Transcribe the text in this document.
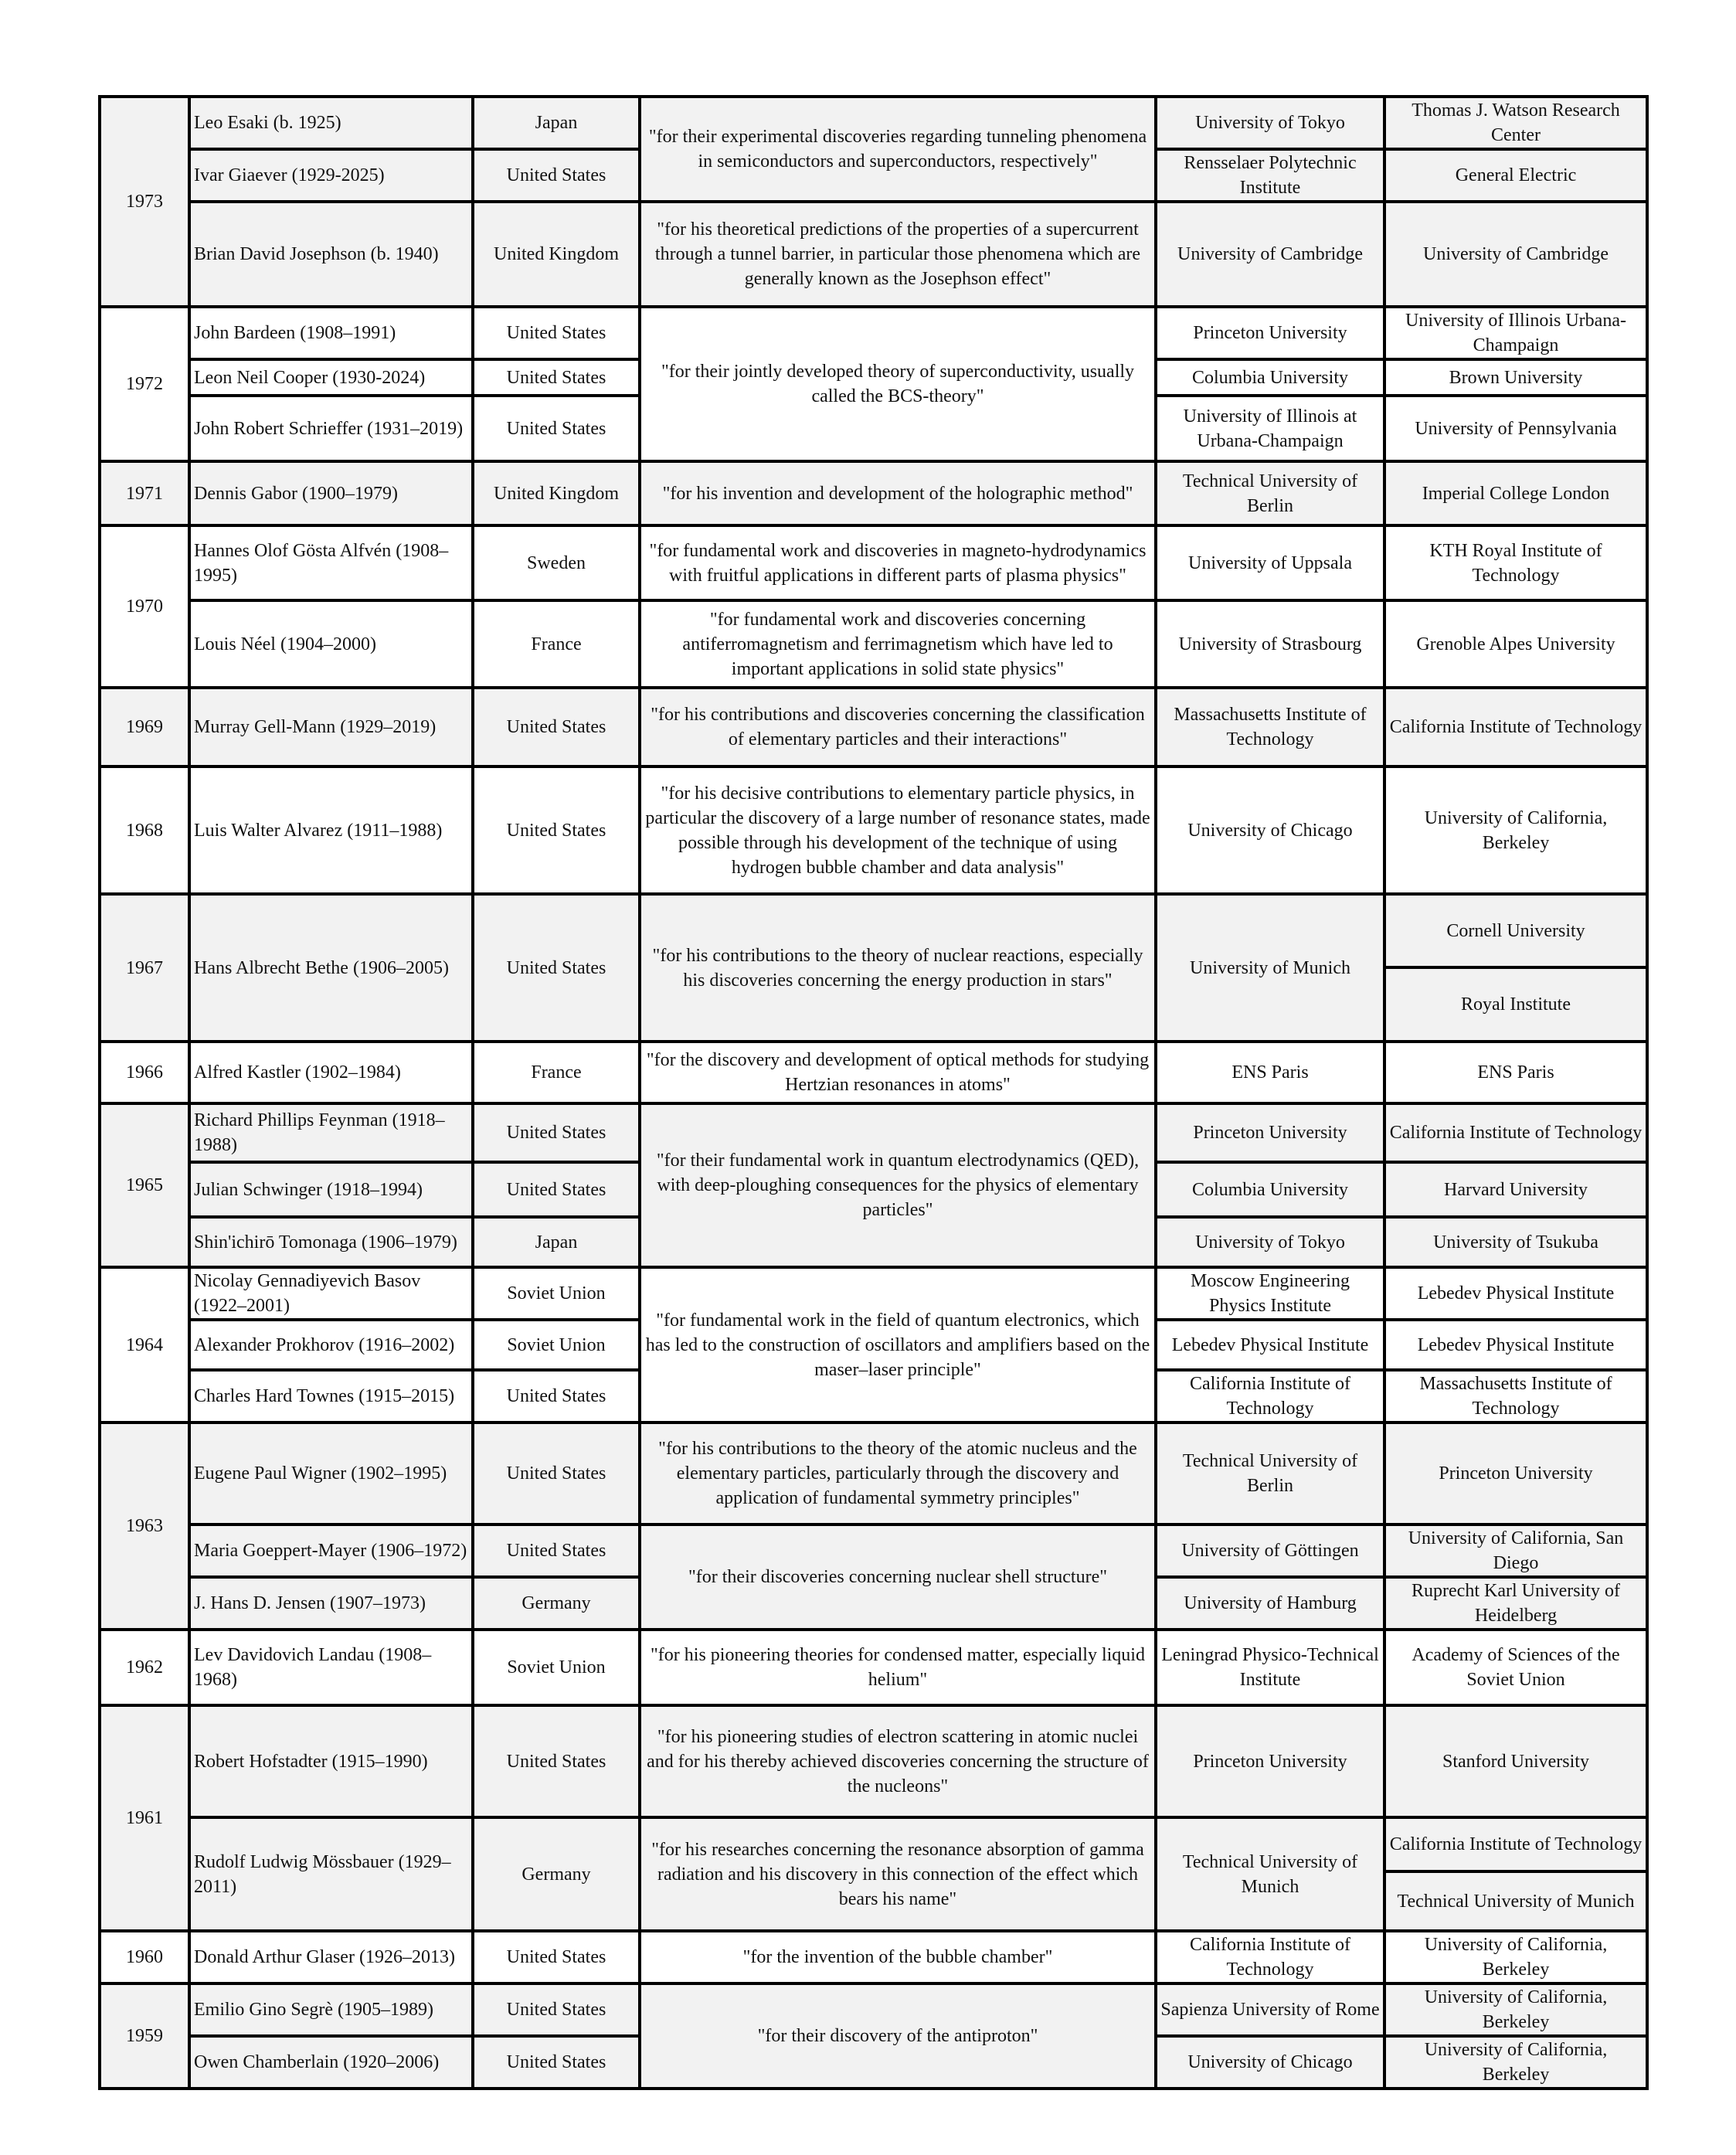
1973	Leo Esaki (b. 1925)	Japan	"for their experimental discoveries regarding tunneling phenomena in semiconductors and superconductors, respectively"	University of Tokyo	Thomas J. Watson Research Center
	Ivar Giaever (1929-2025)	United States		Rensselaer Polytechnic Institute	General Electric
	Brian David Josephson (b. 1940)	United Kingdom	"for his theoretical predictions of the properties of a supercurrent through a tunnel barrier, in particular those phenomena which are generally known as the Josephson effect"	University of Cambridge	University of Cambridge
1972	John Bardeen (1908–1991)	United States	"for their jointly developed theory of superconductivity, usually called the BCS-theory"	Princeton University	University of Illinois Urbana-Champaign
	Leon Neil Cooper (1930-2024)	United States		Columbia University	Brown University
	John Robert Schrieffer (1931–2019)	United States		University of Illinois at Urbana-Champaign	University of Pennsylvania
1971	Dennis Gabor (1900–1979)	United Kingdom	"for his invention and development of the holographic method"	Technical University of Berlin	Imperial College London
1970	Hannes Olof Gösta Alfvén (1908–1995)	Sweden	"for fundamental work and discoveries in magneto-hydrodynamics with fruitful applications in different parts of plasma physics"	University of Uppsala	KTH Royal Institute of Technology
	Louis Néel (1904–2000)	France	"for fundamental work and discoveries concerning antiferromagnetism and ferrimagnetism which have led to important applications in solid state physics"	University of Strasbourg	Grenoble Alpes University
1969	Murray Gell-Mann (1929–2019)	United States	"for his contributions and discoveries concerning the classification of elementary particles and their interactions"	Massachusetts Institute of Technology	California Institute of Technology
1968	Luis Walter Alvarez (1911–1988)	United States	"for his decisive contributions to elementary particle physics, in particular the discovery of a large number of resonance states, made possible through his development of the technique of using hydrogen bubble chamber and data analysis"	University of Chicago	University of California, Berkeley
1967	Hans Albrecht Bethe (1906–2005)	United States	"for his contributions to the theory of nuclear reactions, especially his discoveries concerning the energy production in stars"	University of Munich	Cornell University
					Royal Institute
1966	Alfred Kastler (1902–1984)	France	"for the discovery and development of optical methods for studying Hertzian resonances in atoms"	ENS Paris	ENS Paris
1965	Richard Phillips Feynman (1918–1988)	United States	"for their fundamental work in quantum electrodynamics (QED), with deep-ploughing consequences for the physics of elementary particles"	Princeton University	California Institute of Technology
	Julian Schwinger (1918–1994)	United States		Columbia University	Harvard University
	Shin'ichirō Tomonaga (1906–1979)	Japan		University of Tokyo	University of Tsukuba
1964	Nicolay Gennadiyevich Basov (1922–2001)	Soviet Union	"for fundamental work in the field of quantum electronics, which has led to the construction of oscillators and amplifiers based on the maser–laser principle"	Moscow Engineering Physics Institute	Lebedev Physical Institute
	Alexander Prokhorov (1916–2002)	Soviet Union		Lebedev Physical Institute	Lebedev Physical Institute
	Charles Hard Townes (1915–2015)	United States		California Institute of Technology	Massachusetts Institute of Technology
1963	Eugene Paul Wigner (1902–1995)	United States	"for his contributions to the theory of the atomic nucleus and the elementary particles, particularly through the discovery and application of fundamental symmetry principles"	Technical University of Berlin	Princeton University
	Maria Goeppert-Mayer (1906–1972)	United States	"for their discoveries concerning nuclear shell structure"	University of Göttingen	University of California, San Diego
	J. Hans D. Jensen (1907–1973)	Germany		University of Hamburg	Ruprecht Karl University of Heidelberg
1962	Lev Davidovich Landau (1908–1968)	Soviet Union	"for his pioneering theories for condensed matter, especially liquid helium"	Leningrad Physico-Technical Institute	Academy of Sciences of the Soviet Union
1961	Robert Hofstadter (1915–1990)	United States	"for his pioneering studies of electron scattering in atomic nuclei and for his thereby achieved discoveries concerning the structure of the nucleons"	Princeton University	Stanford University
	Rudolf Ludwig Mössbauer (1929–2011)	Germany	"for his researches concerning the resonance absorption of gamma radiation and his discovery in this connection of the effect which bears his name"	Technical University of Munich	California Institute of Technology
					Technical University of Munich
1960	Donald Arthur Glaser (1926–2013)	United States	"for the invention of the bubble chamber"	California Institute of Technology	University of California, Berkeley
1959	Emilio Gino Segrè (1905–1989)	United States	"for their discovery of the antiproton"	Sapienza University of Rome	University of California, Berkeley
	Owen Chamberlain (1920–2006)	United States		University of Chicago	University of California, Berkeley
